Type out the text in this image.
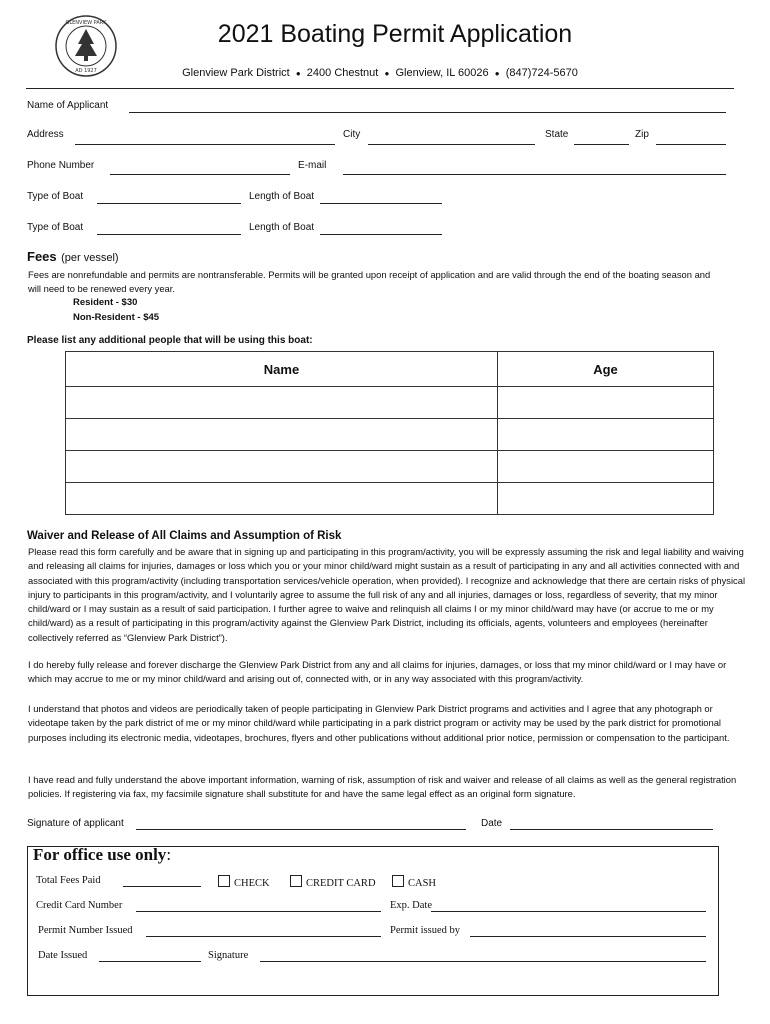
GLENVIEW PARK
AD 1927
2021 Boating Permit Application
Glenview Park District ● 2400 Chestnut ● Glenview, IL 60026 ● (847)724-5670
Name of Applicant
Address	City	State	Zip
Phone Number	E-mail
Type of Boat	Length of Boat
Type of Boat	Length of Boat
Fees (per vessel)

Fees are nonrefundable and permits are nontransferable. Permits will be granted upon receipt of application and are valid through the end of the boating season and will need to be renewed every year.

Resident - $30
Non-Resident - $45
Please list any additional people that will be using this boat:
Name	Age

Waiver and Release of All Claims and Assumption of Risk

Please read this form carefully and be aware that in signing up and participating in this program/activity, you will be expressly assuming the risk and legal liability and waiving and releasing all claims for injuries, damages or loss which you or your minor child/ward might sustain as a result of participating in any and all activities connected with and associated with this program/activity (including transportation services/vehicle operation, when provided). I recognize and acknowledge that there are certain risks of physical injury to participants in this program/activity, and I voluntarily agree to assume the full risk of any and all injuries, damages or loss, regardless of severity, that my minor child/ward or I may sustain as a result of said participation. I further agree to waive and relinquish all claims I or my minor child/ward may have (or accrue to me or my child/ward) as a result of participating in this program/activity against the Glenview Park District, including its officials, agents, volunteers and employees (hereinafter collectively referred as “Glenview Park District”).

I do hereby fully release and forever discharge the Glenview Park District from any and all claims for injuries, damages, or loss that my minor child/ward or I may have or which may accrue to me or my minor child/ward and arising out of, connected with, or in any way associated with this program/activity.

I understand that photos and videos are periodically taken of people participating in Glenview Park District programs and activities and I agree that any photograph or videotape taken by the park district of me or my minor child/ward while participating in a park district program or activity may be used by the park district for promotional purposes including its electronic media, videotapes, brochures, flyers and other publications without additional prior notice, permission or compensation to the participant.

I have read and fully understand the above important information, warning of risk, assumption of risk and waiver and release of all claims as well as the general registration policies. If registering via fax, my facsimile signature shall substitute for and have the same legal effect as an original form signature.

Signature of applicant	Date
For office use only:
Total Fees Paid	CHECK	CREDIT CARD	CASH
Credit Card Number	Exp. Date
Permit Number Issued	Permit issued by
Date Issued	Signature
